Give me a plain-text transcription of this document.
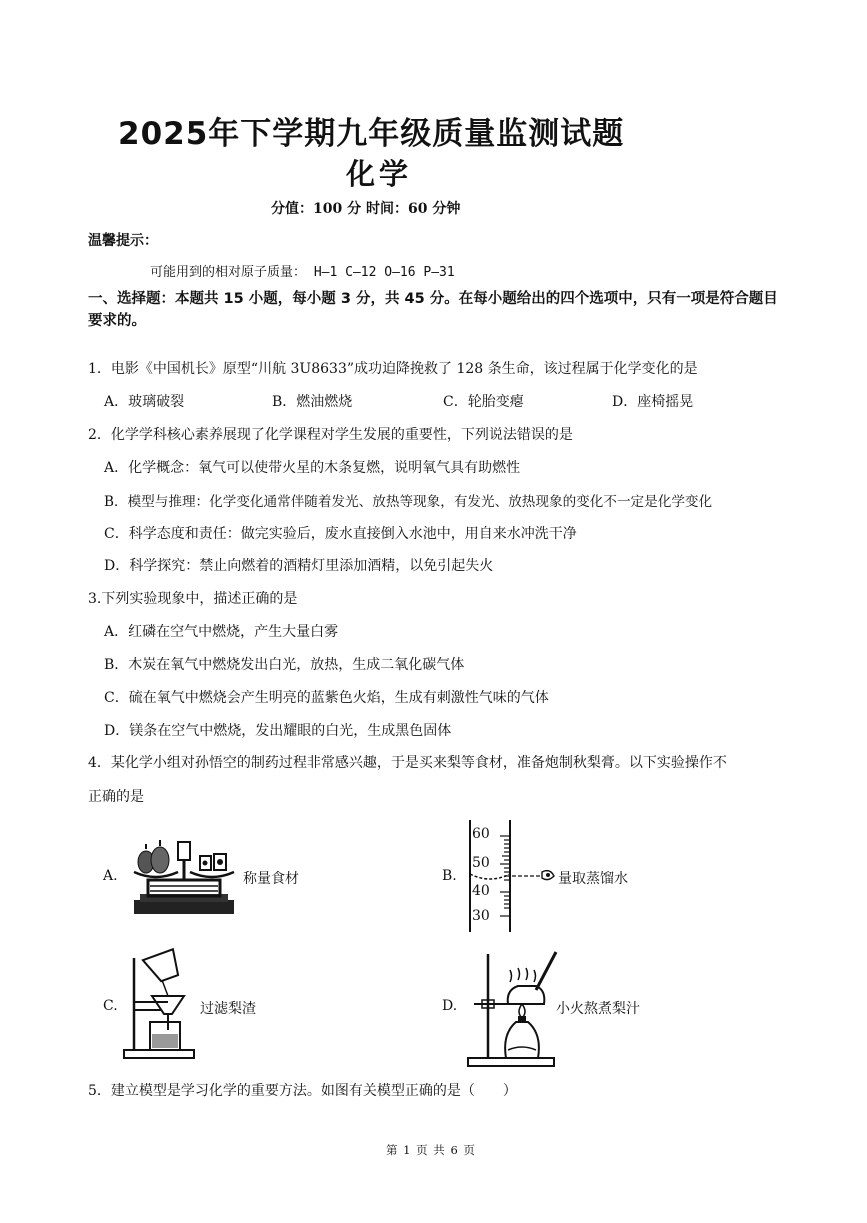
2025年下学期九年级质量监测试题
化学
分值：100 分 时间：60 分钟
温馨提示：
可能用到的相对原子质量： H—1 C—12 O—16 P—31
一、选择题：本题共 15 小题，每小题 3 分，共 45 分。在每小题给出的四个选项中，只有一项是符合题目要求的。
1．电影《中国机长》原型“川航 3U8633”成功迫降挽救了 128 条生命，该过程属于化学变化的是
A．玻璃破裂	B．燃油燃烧	C．轮胎变瘪	D．座椅摇晃
2．化学学科核心素养展现了化学课程对学生发展的重要性，下列说法错误的是
A．化学概念：氧气可以使带火星的木条复燃，说明氧气具有助燃性
B．模型与推理：化学变化通常伴随着发光、放热等现象，有发光、放热现象的变化不一定是化学变化
C．科学态度和责任：做完实验后，废水直接倒入水池中，用自来水冲洗干净
D．科学探究：禁止向燃着的酒精灯里添加酒精，以免引起失火
3.下列实验现象中，描述正确的是
A．红磷在空气中燃烧，产生大量白雾
B．木炭在氧气中燃烧发出白光，放热，生成二氧化碳气体
C．硫在氧气中燃烧会产生明亮的蓝紫色火焰，生成有刺激性气味的气体
D．镁条在空气中燃烧，发出耀眼的白光，生成黑色固体
4．某化学小组对孙悟空的制药过程非常感兴趣，于是买来梨等食材，准备炮制秋梨膏。以下实验操作不
正确的是
A.	称量食材	B.
60
50
40
30
量取蒸馏水
C.	过滤梨渣	D.	小火熬煮梨汁
5．建立模型是学习化学的重要方法。如图有关模型正确的是（　　）
第 1 页 共 6 页
